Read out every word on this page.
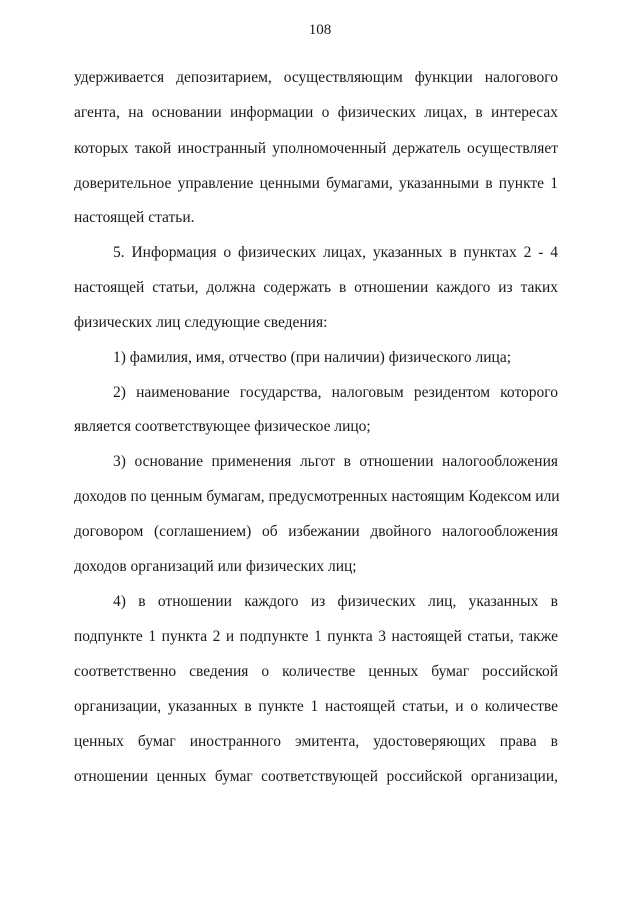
108
удерживается депозитарием, осуществляющим функции налогового
агента, на основании информации о физических лицах, в интересах
которых такой иностранный уполномоченный держатель осуществляет
доверительное управление ценными бумагами, указанными в пункте 1
настоящей статьи.
5. Информация о физических лицах, указанных в пунктах 2 - 4
настоящей статьи, должна содержать в отношении каждого из таких
физических лиц следующие сведения:
1) фамилия, имя, отчество (при наличии) физического лица;
2) наименование государства, налоговым резидентом которого
является соответствующее физическое лицо;
3) основание применения льгот в отношении налогообложения
доходов по ценным бумагам, предусмотренных настоящим Кодексом или
договором (соглашением) об избежании двойного налогообложения
доходов организаций или физических лиц;
4) в отношении каждого из физических лиц, указанных в
подпункте 1 пункта 2 и подпункте 1 пункта 3 настоящей статьи, также
соответственно сведения о количестве ценных бумаг российской
организации, указанных в пункте 1 настоящей статьи, и о количестве
ценных бумаг иностранного эмитента, удостоверяющих права в
отношении ценных бумаг соответствующей российской организации,
